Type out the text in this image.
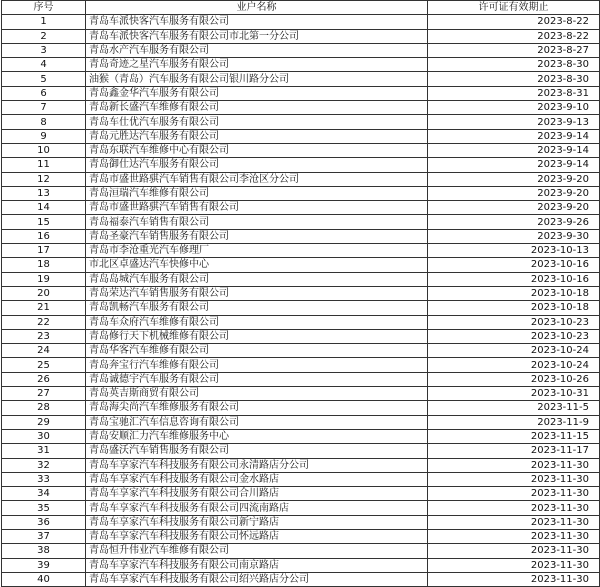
序号	业户名称	许可证有效期止
1	青岛车派快客汽车服务有限公司	2023-8-22
2	青岛车派快客汽车服务有限公司市北第一分公司	2023-8-22
3	青岛水产汽车服务有限公司	2023-8-27
4	青岛奇迹之星汽车服务有限公司	2023-8-30
5	油猴（青岛）汽车服务有限公司银川路分公司	2023-8-30
6	青岛鑫金华汽车服务有限公司	2023-8-31
7	青岛新长盛汽车维修有限公司	2023-9-10
8	青岛车仕优汽车服务有限公司	2023-9-13
9	青岛元胜达汽车服务有限公司	2023-9-14
10	青岛东联汽车维修中心有限公司	2023-9-14
11	青岛御仕达汽车服务有限公司	2023-9-14
12	青岛市盛世路骐汽车销售有限公司李沧区分公司	2023-9-20
13	青岛洹瑞汽车维修有限公司	2023-9-20
14	青岛市盛世路骐汽车销售有限公司	2023-9-20
15	青岛福泰汽车销售有限公司	2023-9-26
16	青岛圣豪汽车销售服务有限公司	2023-9-30
17	青岛市李沧重光汽车修理厂	2023-10-13
18	市北区卓盛达汽车快修中心	2023-10-16
19	青岛岛城汽车服务有限公司	2023-10-16
20	青岛荣达汽车销售服务有限公司	2023-10-18
21	青岛凯畅汽车服务有限公司	2023-10-18
22	青岛车众府汽车维修有限公司	2023-10-23
23	青岛修行天下机械维修有限公司	2023-10-23
24	青岛华客汽车维修有限公司	2023-10-24
25	青岛奔宝行汽车维修有限公司	2023-10-24
26	青岛诚德宇汽车服务有限公司	2023-10-26
27	青岛英吉斯商贸有限公司	2023-10-31
28	青岛海尖尚汽车维修服务有限公司	2023-11-5
29	青岛宝驰汇汽车信息咨询有限公司	2023-11-9
30	青岛安顺汇力汽车维修服务中心	2023-11-15
31	青岛盛沃汽车销售服务有限公司	2023-11-17
32	青岛车享家汽车科技服务有限公司永清路店分公司	2023-11-30
33	青岛车享家汽车科技服务有限公司金水路店	2023-11-30
34	青岛车享家汽车科技服务有限公司合川路店	2023-11-30
35	青岛车享家汽车科技服务有限公司四流南路店	2023-11-30
36	青岛车享家汽车科技服务有限公司新宁路店	2023-11-30
37	青岛车享家汽车科技服务有限公司怀远路店	2023-11-30
38	青岛恒升伟业汽车维修有限公司	2023-11-30
39	青岛车享家汽车科技服务有限公司南京路店	2023-11-30
40	青岛车享家汽车科技服务有限公司绍兴路店分公司	2023-11-30
